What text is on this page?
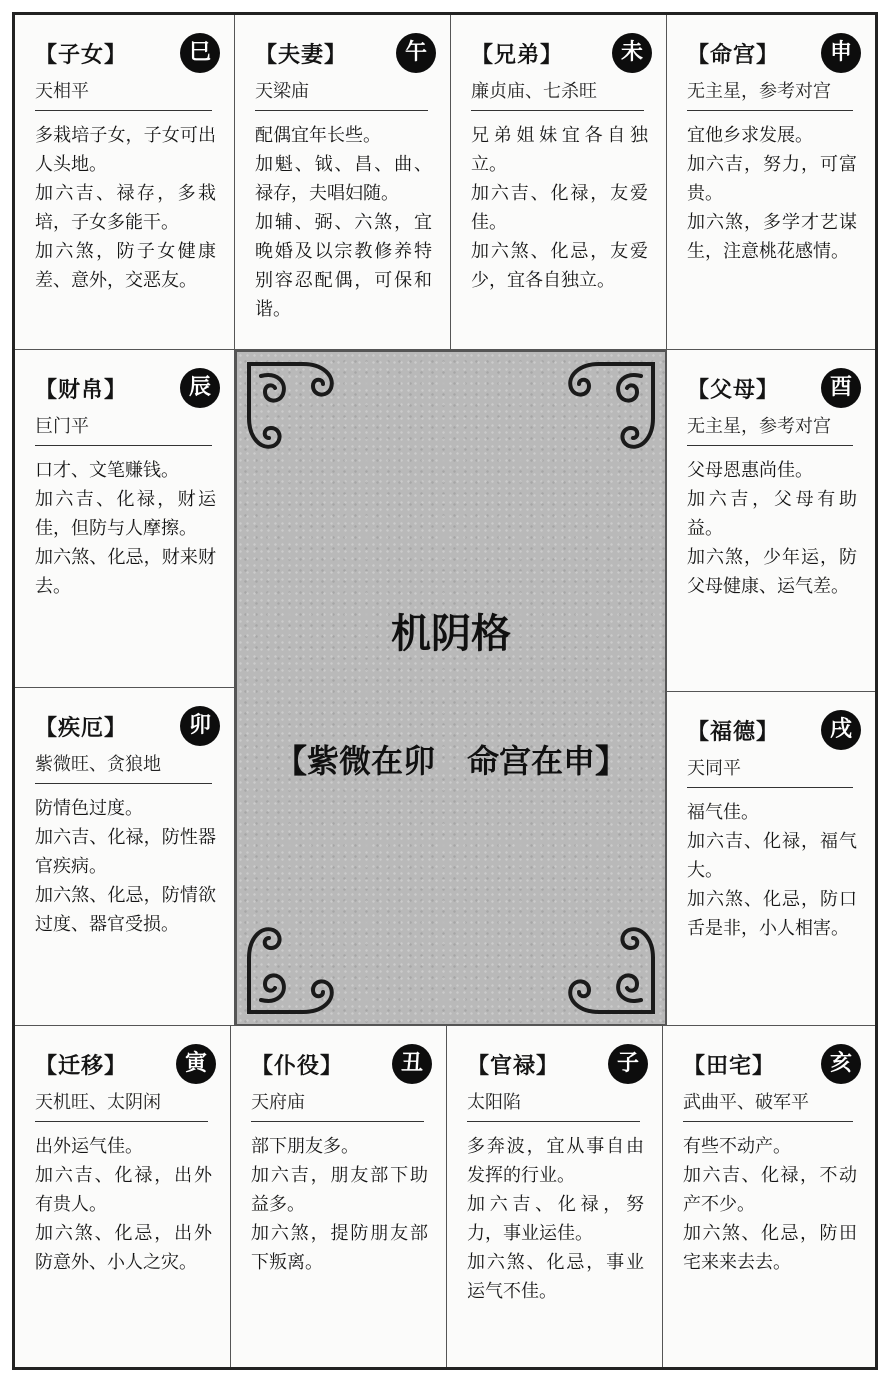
【子女】	巳
天相平

多栽培子女，子女可出人头地。

加六吉、禄存，多栽培，子女多能干。

加六煞，防子女健康差、意外，交恶友。

【夫妻】	午
天梁庙

配偶宜年长些。

加魁、钺、昌、曲、禄存，夫唱妇随。

加辅、弼、六煞，宜晚婚及以宗教修养特别容忍配偶，可保和谐。

【兄弟】	未
廉贞庙、七杀旺

兄弟姐妹宜各自独立。

加六吉、化禄，友爱佳。

加六煞、化忌，友爱少，宜各自独立。

【命宫】	申
无主星，参考对宫

宜他乡求发展。

加六吉，努力，可富贵。

加六煞，多学才艺谋生，注意桃花感情。

【财帛】	辰
巨门平

口才、文笔赚钱。

加六吉、化禄，财运佳，但防与人摩擦。

加六煞、化忌，财来财去。

【疾厄】	卯
紫微旺、贪狼地

防情色过度。

加六吉、化禄，防性器官疾病。

加六煞、化忌，防情欲过度、器官受损。

【父母】	酉
无主星，参考对宫

父母恩惠尚佳。

加六吉，父母有助益。

加六煞，少年运，防父母健康、运气差。

【福德】	戌
天同平

福气佳。

加六吉、化禄，福气大。

加六煞、化忌，防口舌是非，小人相害。

【迁移】	寅
天机旺、太阴闲

出外运气佳。

加六吉、化禄，出外有贵人。

加六煞、化忌，出外防意外、小人之灾。

【仆役】	丑
天府庙

部下朋友多。

加六吉，朋友部下助益多。

加六煞，提防朋友部下叛离。

【官禄】	子
太阳陷

多奔波，宜从事自由发挥的行业。

加六吉、化禄，努力，事业运佳。

加六煞、化忌，事业运气不佳。

【田宅】	亥
武曲平、破军平

有些不动产。

加六吉、化禄，不动产不少。

加六煞、化忌，防田宅来来去去。

机阴格
【紫微在卯　命宫在申】
